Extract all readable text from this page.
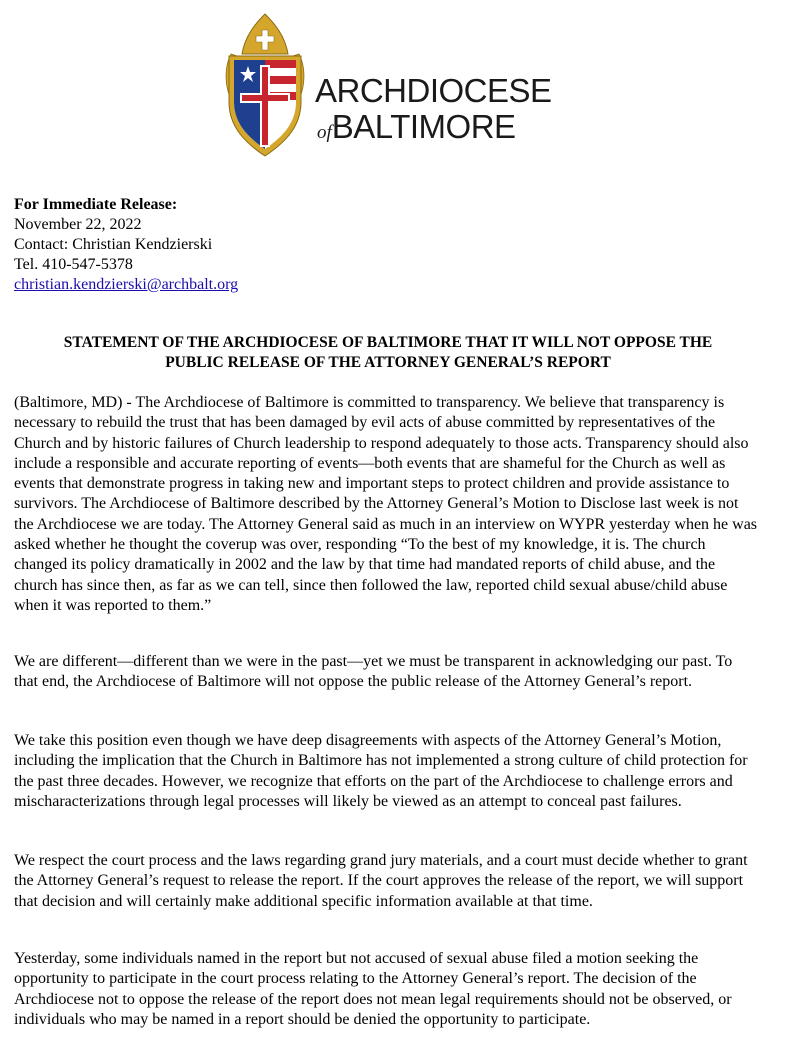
ARCHDIOCESE
ofBALTIMORE
For Immediate Release:
November 22, 2022
Contact: Christian Kendzierski
Tel. 410-547-5378
christian.kendzierski@archbalt.org
STATEMENT OF THE ARCHDIOCESE OF BALTIMORE THAT IT WILL NOT OPPOSE THE
PUBLIC RELEASE OF THE ATTORNEY GENERAL’S REPORT

(Baltimore, MD) - The Archdiocese of Baltimore is committed to transparency. We believe that transparency is necessary to rebuild the trust that has been damaged by evil acts of abuse committed by representatives of the Church and by historic failures of Church leadership to respond adequately to those acts. Transparency should also include a responsible and accurate reporting of events—both events that are shameful for the Church as well as events that demonstrate progress in taking new and important steps to protect children and provide assistance to survivors. The Archdiocese of Baltimore described by the Attorney General’s Motion to Disclose last week is not the Archdiocese we are today. The Attorney General said as much in an interview on WYPR yesterday when he was asked whether he thought the coverup was over, responding “To the best of my knowledge, it is. The church changed its policy dramatically in 2002 and the law by that time had mandated reports of child abuse, and the church has since then, as far as we can tell, since then followed the law, reported child sexual abuse/child abuse when it was reported to them.”

We are different—different than we were in the past—yet we must be transparent in acknowledging our past. To that end, the Archdiocese of Baltimore will not oppose the public release of the Attorney General’s report.

We take this position even though we have deep disagreements with aspects of the Attorney General’s Motion, including the implication that the Church in Baltimore has not implemented a strong culture of child protection for the past three decades. However, we recognize that efforts on the part of the Archdiocese to challenge errors and mischaracterizations through legal processes will likely be viewed as an attempt to conceal past failures.

We respect the court process and the laws regarding grand jury materials, and a court must decide whether to grant the Attorney General’s request to release the report. If the court approves the release of the report, we will support that decision and will certainly make additional specific information available at that time.

Yesterday, some individuals named in the report but not accused of sexual abuse filed a motion seeking the opportunity to participate in the court process relating to the Attorney General’s report. The decision of the Archdiocese not to oppose the release of the report does not mean legal requirements should not be observed, or individuals who may be named in a report should be denied the opportunity to participate.
